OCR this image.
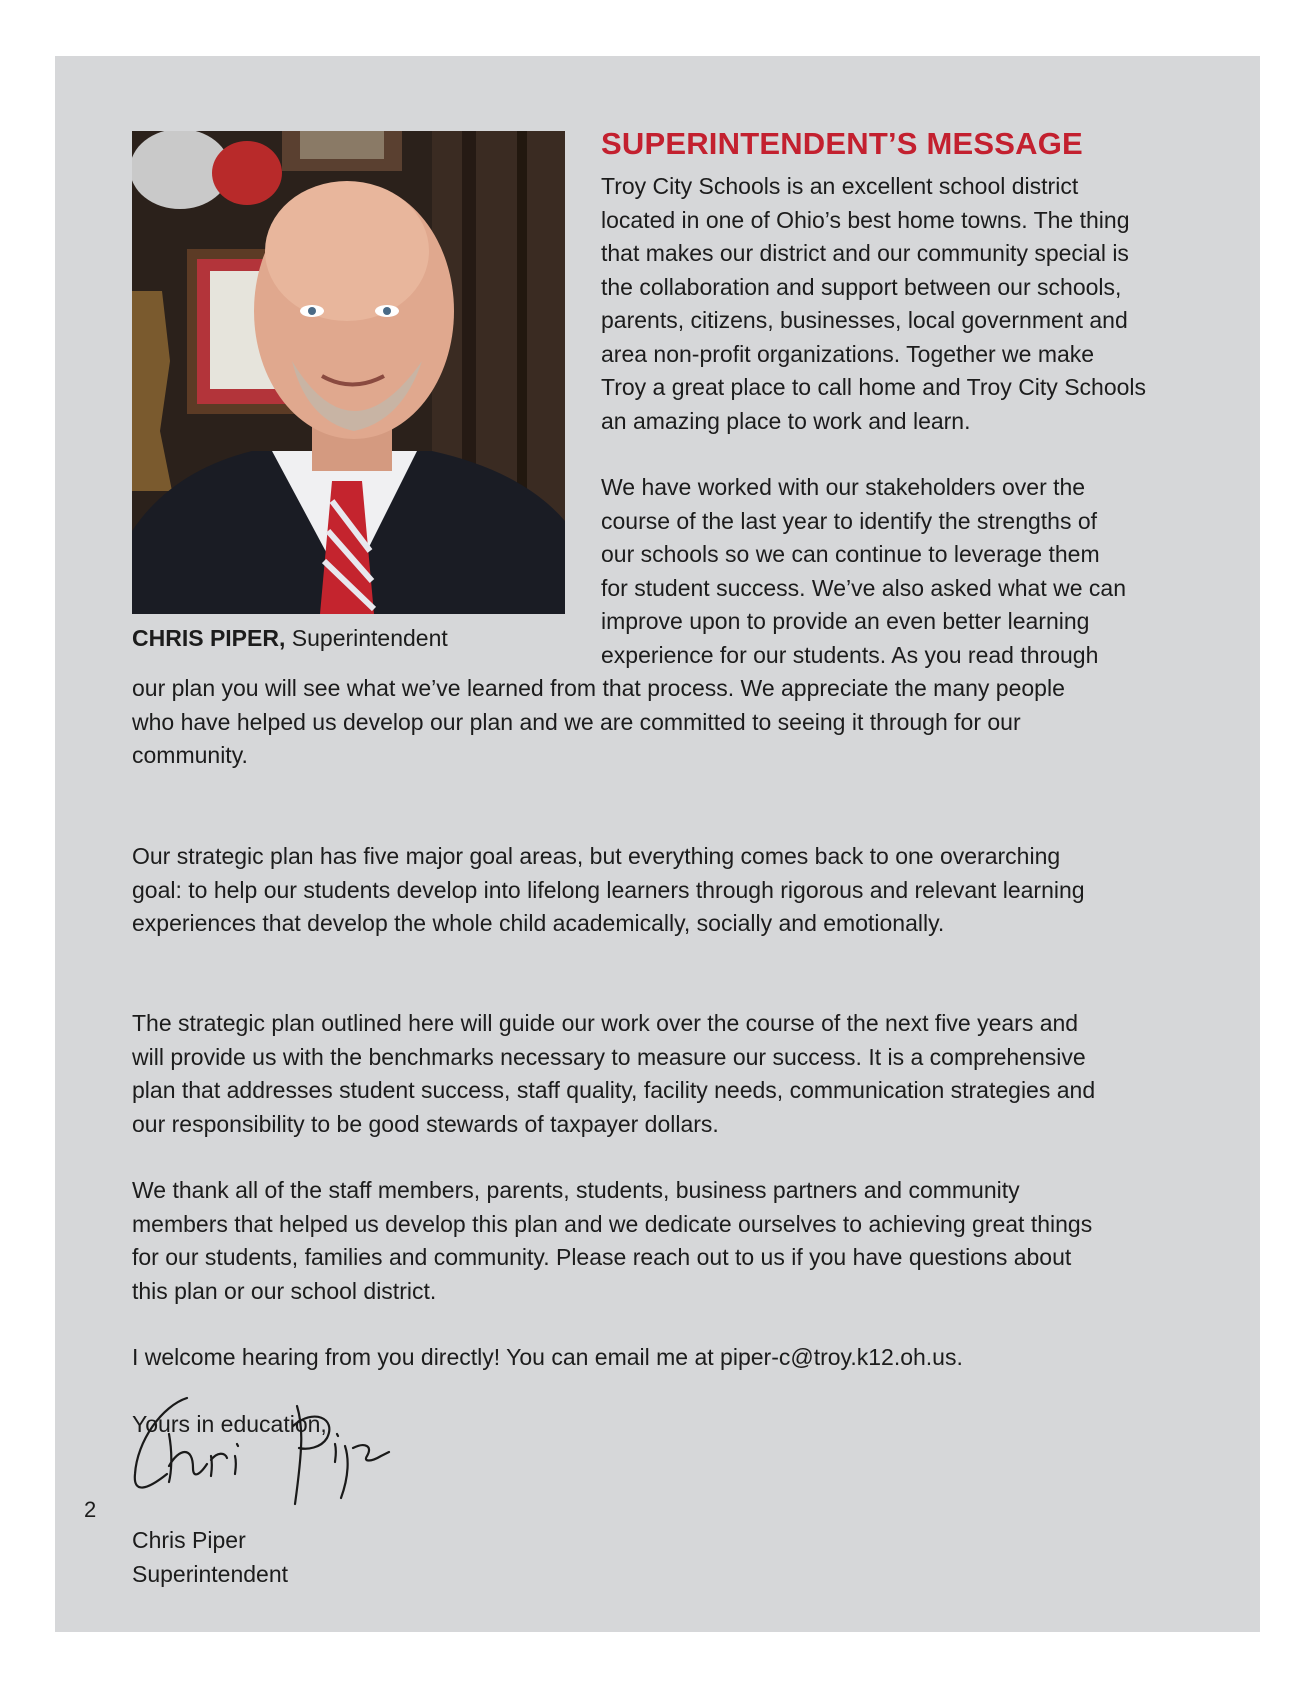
CHRIS PIPER, Superintendent
SUPERINTENDENT’S MESSAGE
Troy City Schools is an excellent school district
located in one of Ohio’s best home towns. The thing
that makes our district and our community special is
the collaboration and support between our schools,
parents, citizens, businesses, local government and
area non-profit organizations. Together we make
Troy a great place to call home and Troy City Schools
an amazing place to work and learn.
We have worked with our stakeholders over the
course of the last year to identify the strengths of
our schools so we can continue to leverage them
for student success. We’ve also asked what we can
improve upon to provide an even better learning
experience for our students. As you read through
our plan you will see what we’ve learned from that process. We appreciate the many people
who have helped us develop our plan and we are committed to seeing it through for our
community.
Our strategic plan has five major goal areas, but everything comes back to one overarching
goal: to help our students develop into lifelong learners through rigorous and relevant learning
experiences that develop the whole child academically, socially and emotionally.
The strategic plan outlined here will guide our work over the course of the next five years and
will provide us with the benchmarks necessary to measure our success. It is a comprehensive
plan that addresses student success, staff quality, facility needs, communication strategies and
our responsibility to be good stewards of taxpayer dollars.
We thank all of the staff members, parents, students, business partners and community
members that helped us develop this plan and we dedicate ourselves to achieving great things
for our students, families and community. Please reach out to us if you have questions about
this plan or our school district.
I welcome hearing from you directly! You can email me at piper-c@troy.k12.oh.us.
Yours in education,
Chris Piper
Superintendent
2
